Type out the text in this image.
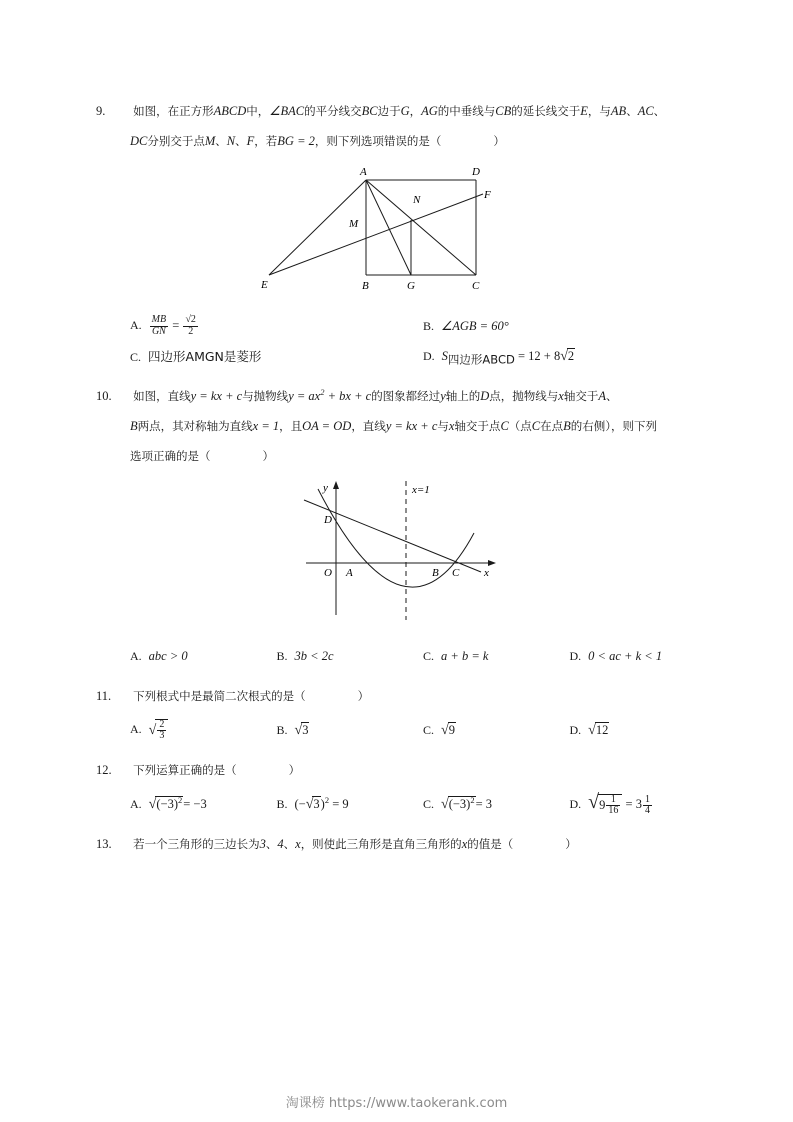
9. 如图，在正方形ABCD中，∠BAC的平分线交BC边于G，AG的中垂线与CB的延长线交于E，与AB、AC、
DC分别交于点M、N、F，若BG = 2，则下列选项错误的是（	）
A	D
N	F
M
E	B	G	C
A. $\frac{MB}{GN} = \frac{√2}{2}$	B. ∠AGB = 60°
C. 四边形AMGN是菱形	D. $S_{四边形ABCD} = 12 + 8√2$
10. 如图，直线y = kx + c与抛物线$y = ax^2$ + bx + c的图象都经过y轴上的D点，抛物线与x轴交于A、
B两点，其对称轴为直线x = 1，且OA = OD，直线y = kx + c与x轴交于点C（点C在点B的右侧），则下列
选项正确的是（	）
y	x=1
D
O A	B C x
A. abc > 0	B. 3b < 2c	C. a + b = k	D. 0 < ac + k < 1
11. 下列根式中是最简二次根式的是（	）
A. √ $\frac{2}{3}$	B. √3	C. √9	D. √12
12. 下列运算正确的是（	）
A. $√(-3)^2= -3$	B. $(-√3)^2 = 9$	C. $√(-3)^2= 3$	D. $√9 \frac{1}{16} = 3 \frac{1}{4}$
13. 若一个三角形的三边长为3、4、x，则使此三角形是直角三角形的x的值是（	）
淘课榜 https://www.taokerank.com
